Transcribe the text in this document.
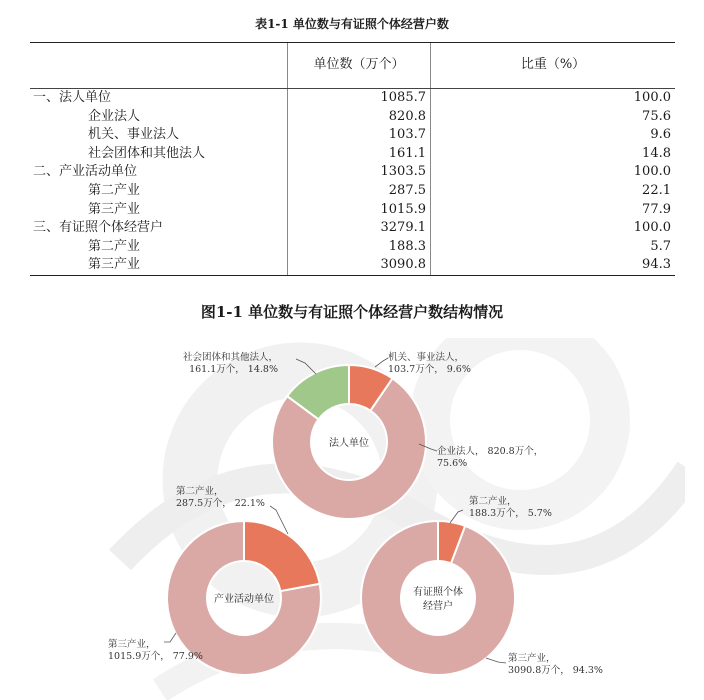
表1-1 单位数与有证照个体经营户数
	单位数（万个）	比重（%）
一、法人单位	1085.7	100.0
企业法人	820.8	75.6
机关、事业法人	103.7	9.6
社会团体和其他法人	161.1	14.8
二、产业活动单位	1303.5	100.0
第二产业	287.5	22.1
第三产业	1015.9	77.9
三、有证照个体经营户	3279.1	100.0
第二产业	188.3	5.7
第三产业	3090.8	94.3
图1-1 单位数与有证照个体经营户数结构情况
机关、事业法人， 103.7万个， 9.6%
企业法人， 820.8万个， 75.6%
社会团体和其他法人， 161.1万个， 14.8%
法人单位
第二产业， 287.5万个， 22.1%
第三产业， 1015.9万个， 77.9%
产业活动单位
第二产业， 188.3万个， 5.7%
第三产业， 3090.8万个， 94.3%
有证照个体
经营户
